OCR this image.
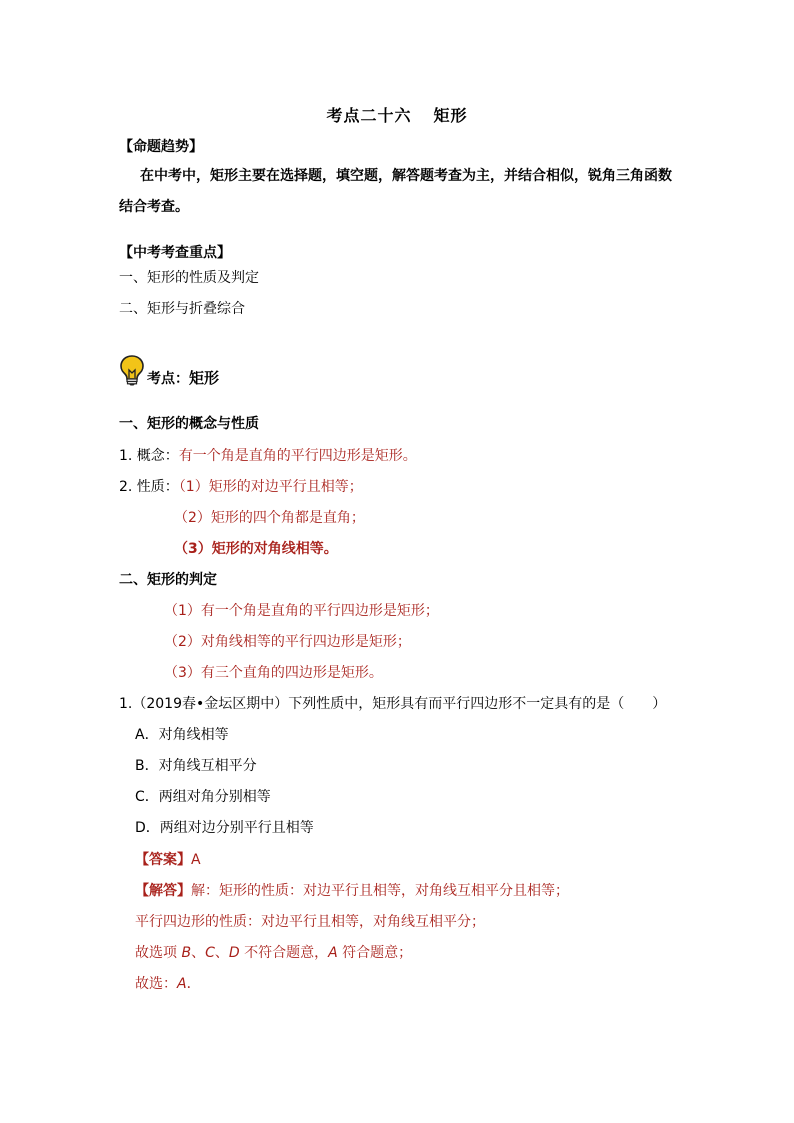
考点二十六 矩形
【命题趋势】
在中考中，矩形主要在选择题，填空题，解答题考查为主，并结合相似，锐角三角函数
结合考查。
【中考考查重点】
一、矩形的性质及判定
二、矩形与折叠综合
考点：矩形
一、矩形的概念与性质
1. 概念：有一个角是直角的平行四边形是矩形。
2. 性质：（1）矩形的对边平行且相等；
（2）矩形的四个角都是直角；
（3）矩形的对角线相等。
二、矩形的判定
（1）有一个角是直角的平行四边形是矩形；
（2）对角线相等的平行四边形是矩形；
（3）有三个直角的四边形是矩形。
1.（2019春•金坛区期中）下列性质中，矩形具有而平行四边形不一定具有的是（　　）
A．对角线相等
B．对角线互相平分
C．两组对角分别相等
D．两组对边分别平行且相等
【答案】A
【解答】解：矩形的性质：对边平行且相等，对角线互相平分且相等；
平行四边形的性质：对边平行且相等，对角线互相平分；
故选项 B、C、D 不符合题意，A 符合题意；
故选：A．
